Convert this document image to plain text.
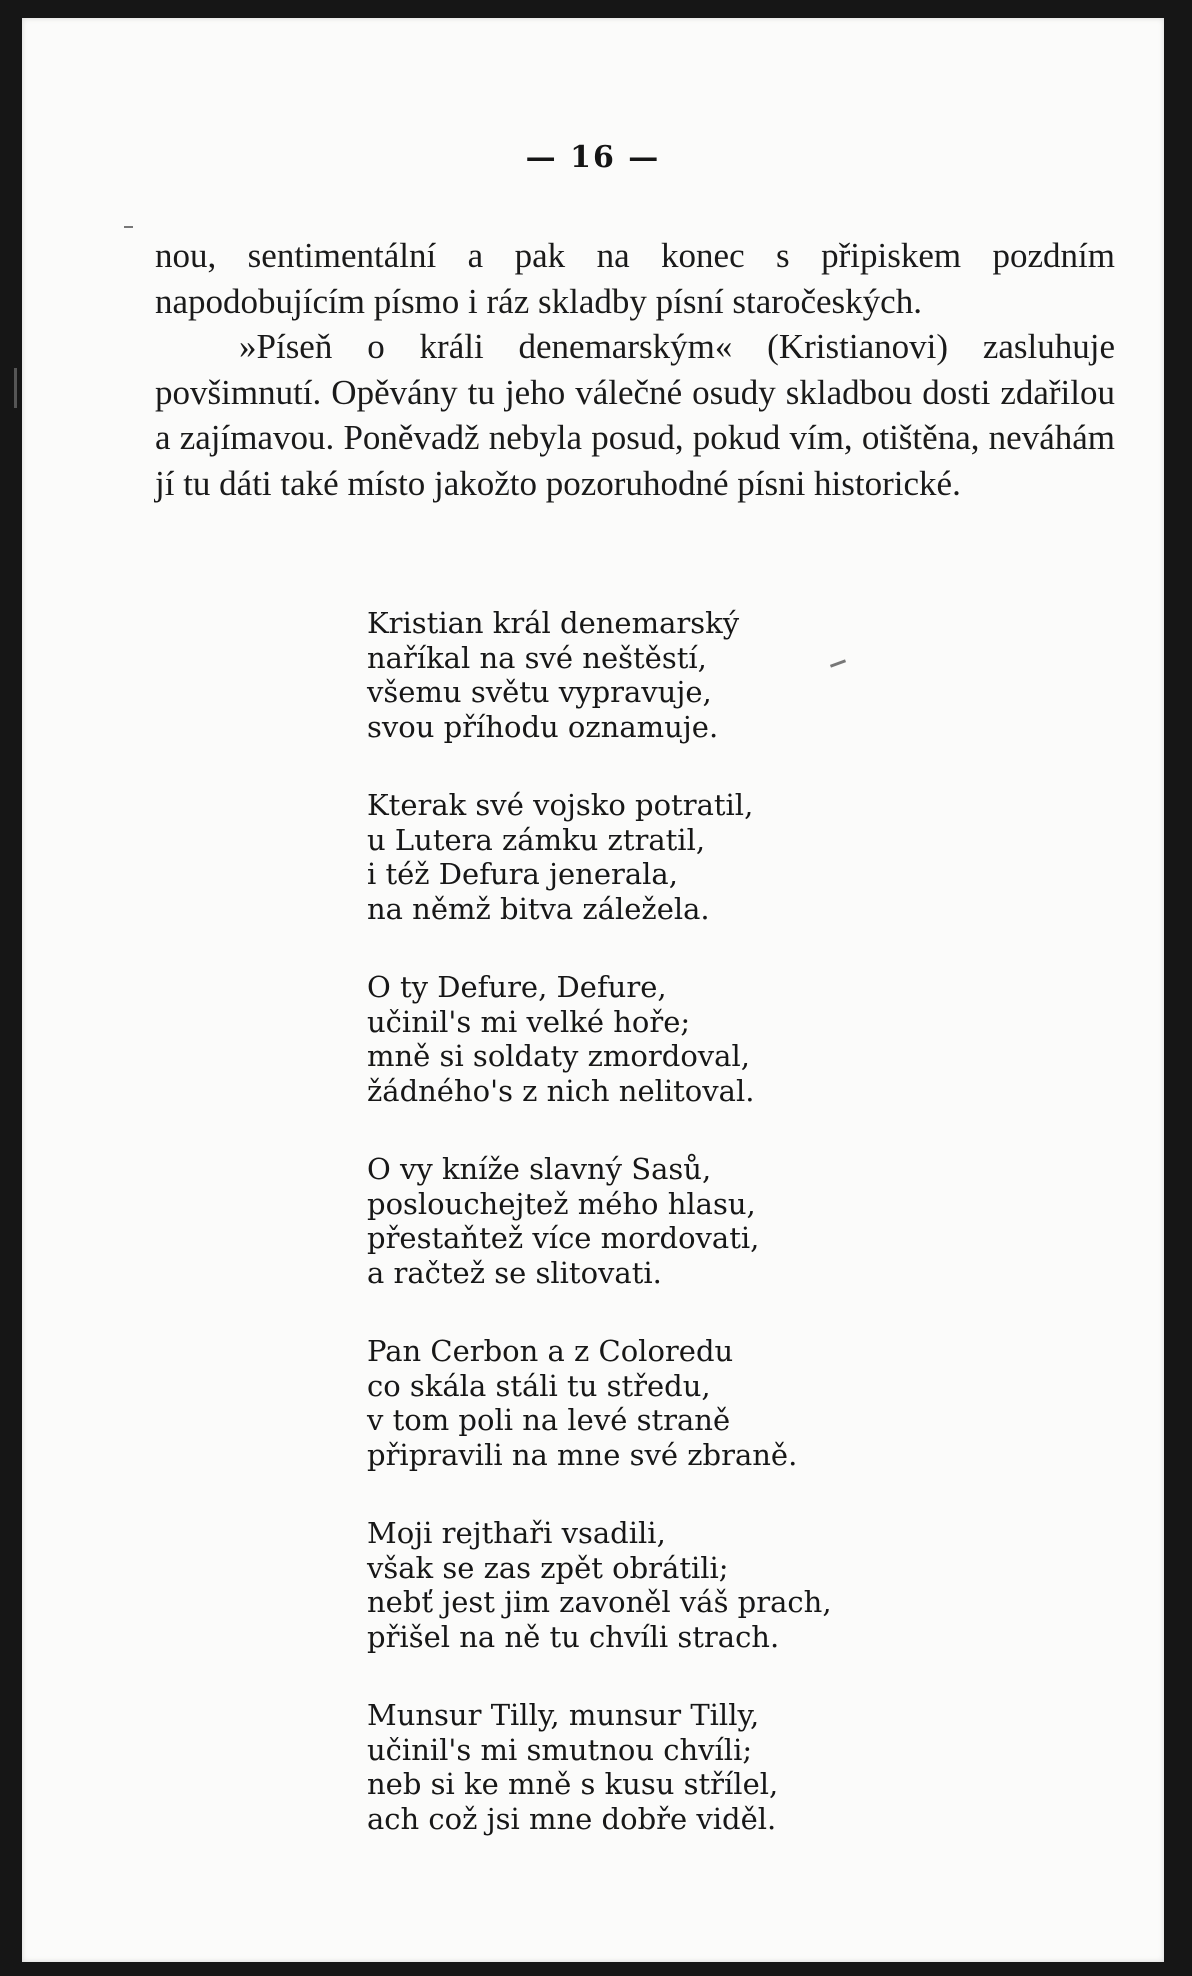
— 16 —

nou, sentimentální a pak na konec s připiskem pozdním napodobujícím písmo i ráz skladby písní staročeských.

»Píseň o králi denemarským« (Kristianovi) zasluhuje povšimnutí. Opěvány tu jeho válečné osudy skladbou dosti zdařilou a zajímavou. Poněvadž nebyla posud, pokud vím, otištěna, neváhám jí tu dáti také místo jakožto pozoruhodné písni historické.

Kristian král denemarský
naříkal na své neštěstí,
všemu světu vypravuje,
svou příhodu oznamuje.
Kterak své vojsko potratil,
u Lutera zámku ztratil,
i též Defura jenerala,
na němž bitva záležela.
O ty Defure, Defure,
učinil's mi velké hoře;
mně si soldaty zmordoval,
žádného's z nich nelitoval.
O vy kníže slavný Sasů,
poslouchejtež mého hlasu,
přestaňtež více mordovati,
a račtež se slitovati.
Pan Cerbon a z Coloredu
co skála stáli tu středu,
v tom poli na levé straně
připravili na mne své zbraně.
Moji rejthaři vsadili,
však se zas zpět obrátili;
nebť jest jim zavoněl váš prach,
přišel na ně tu chvíli strach.
Munsur Tilly, munsur Tilly,
učinil's mi smutnou chvíli;
neb si ke mně s kusu střílel,
ach což jsi mne dobře viděl.
